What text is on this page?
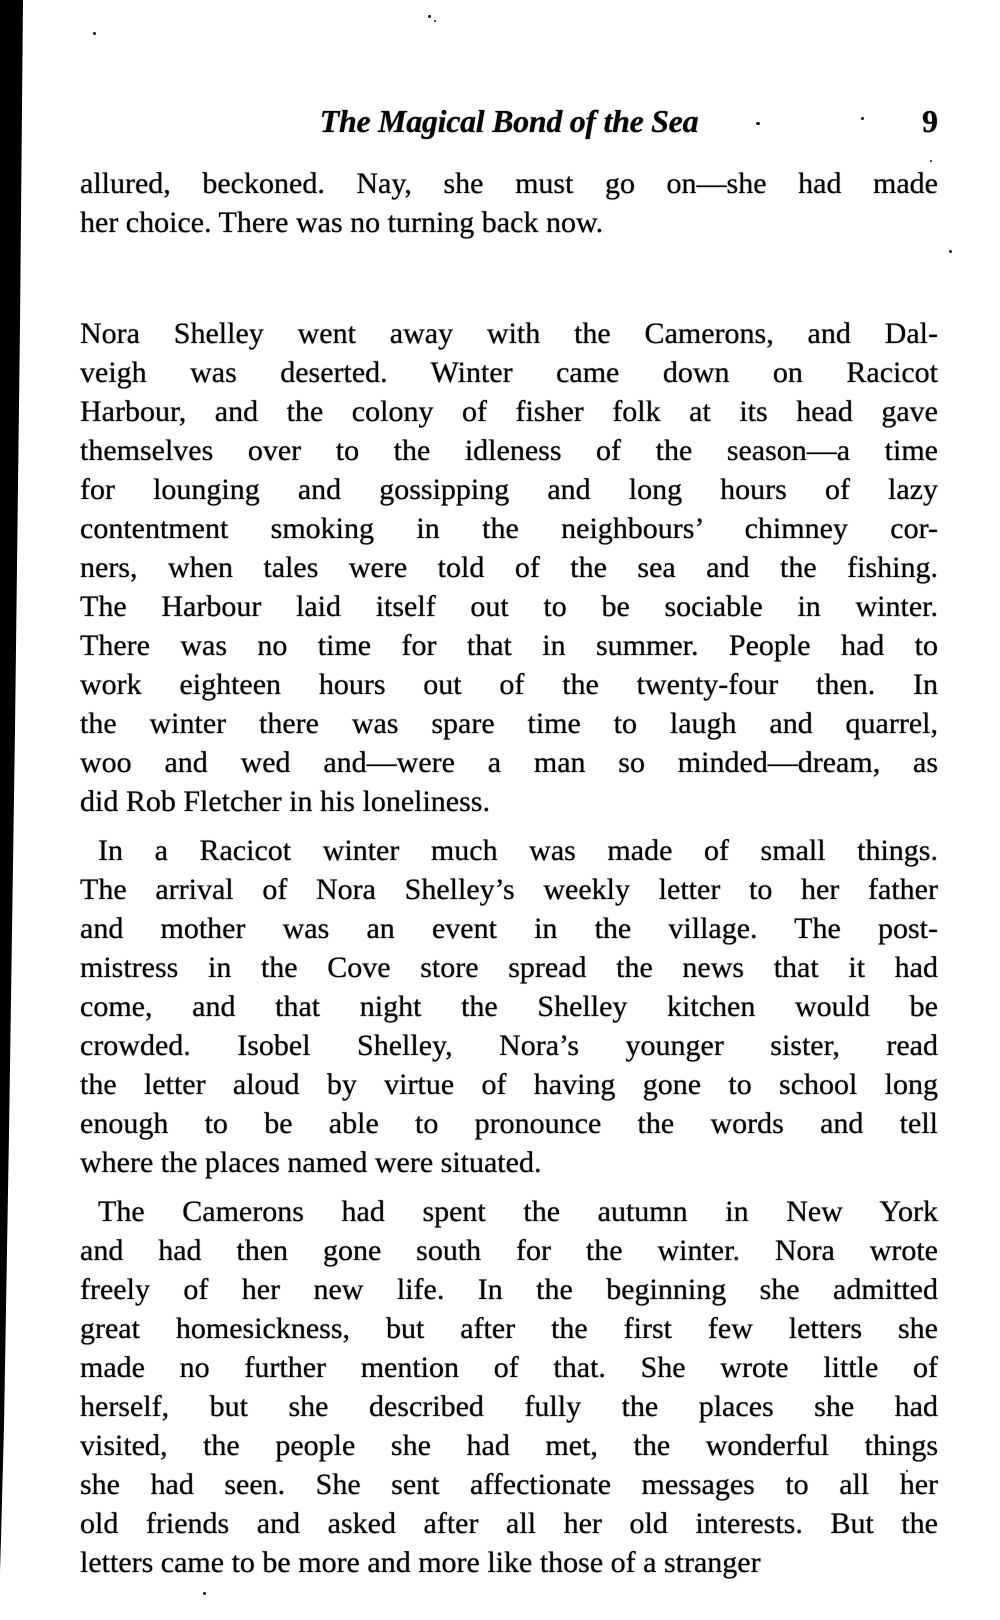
The Magical Bond of the Sea	9
allured, beckoned. Nay, she must go on—she had made
her choice. There was no turning back now.
Nora Shelley went away with the Camerons, and Dal-
veigh was deserted. Winter came down on Racicot
Harbour, and the colony of fisher folk at its head gave
themselves over to the idleness of the season—a time
for lounging and gossipping and long hours of lazy
contentment smoking in the neighbours’ chimney cor-
ners, when tales were told of the sea and the fishing.
The Harbour laid itself out to be sociable in winter.
There was no time for that in summer. People had to
work eighteen hours out of the twenty-four then. In
the winter there was spare time to laugh and quarrel,
woo and wed and—were a man so minded—dream, as
did Rob Fletcher in his loneliness.
In a Racicot winter much was made of small things.
The arrival of Nora Shelley’s weekly letter to her father
and mother was an event in the village. The post-
mistress in the Cove store spread the news that it had
come, and that night the Shelley kitchen would be
crowded. Isobel Shelley, Nora’s younger sister, read
the letter aloud by virtue of having gone to school long
enough to be able to pronounce the words and tell
where the places named were situated.
The Camerons had spent the autumn in New York
and had then gone south for the winter. Nora wrote
freely of her new life. In the beginning she admitted
great homesickness, but after the first few letters she
made no further mention of that. She wrote little of
herself, but she described fully the places she had
visited, the people she had met, the wonderful things
she had seen. She sent affectionate messages to all her
old friends and asked after all her old interests. But the
letters came to be more and more like those of a stranger
